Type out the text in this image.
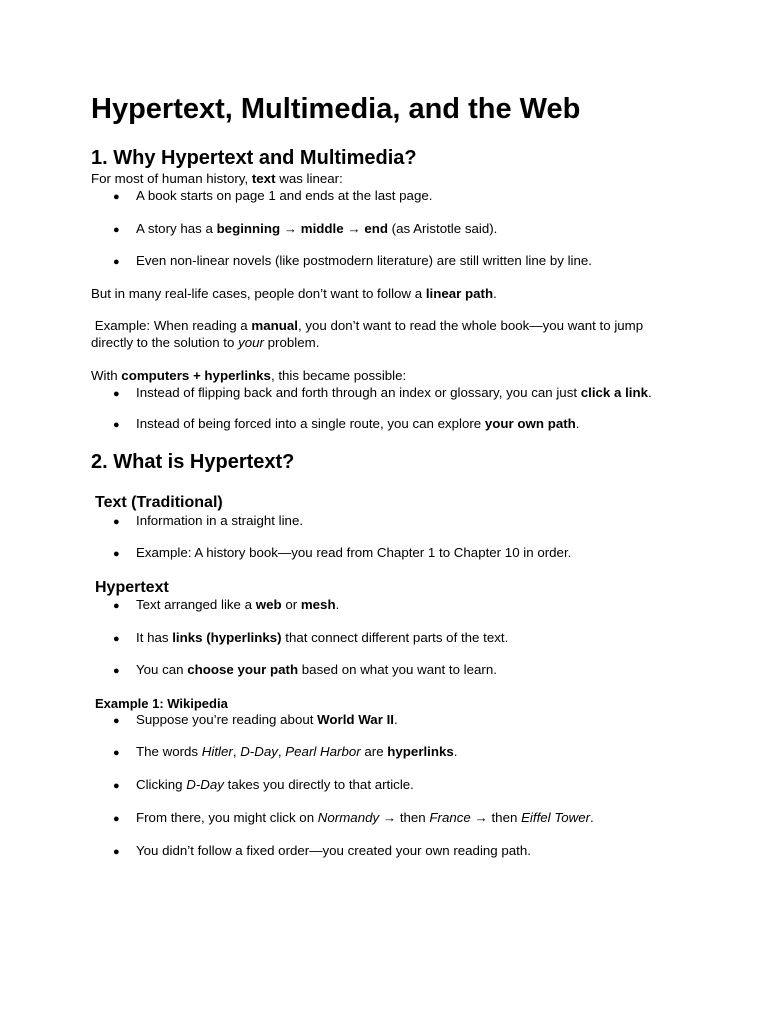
Hypertext, Multimedia, and the Web
1. Why Hypertext and Multimedia?
For most of human history, text was linear:
● A book starts on page 1 and ends at the last page.
● A story has a beginning → middle → end (as Aristotle said).
● Even non-linear novels (like postmodern literature) are still written line by line.
But in many real-life cases, people don’t want to follow a linear path.
Example: When reading a manual, you don’t want to read the whole book—you want to jump
directly to the solution to your problem.
With computers + hyperlinks, this became possible:
● Instead of flipping back and forth through an index or glossary, you can just click a link.
● Instead of being forced into a single route, you can explore your own path.
2. What is Hypertext?
Text (Traditional)
● Information in a straight line.
● Example: A history book—you read from Chapter 1 to Chapter 10 in order.
Hypertext
● Text arranged like a web or mesh.
● It has links (hyperlinks) that connect different parts of the text.
● You can choose your path based on what you want to learn.
Example 1: Wikipedia
● Suppose you’re reading about World War II.
● The words Hitler, D-Day, Pearl Harbor are hyperlinks.
● Clicking D-Day takes you directly to that article.
● From there, you might click on Normandy → then France → then Eiffel Tower.
● You didn’t follow a fixed order—you created your own reading path.
